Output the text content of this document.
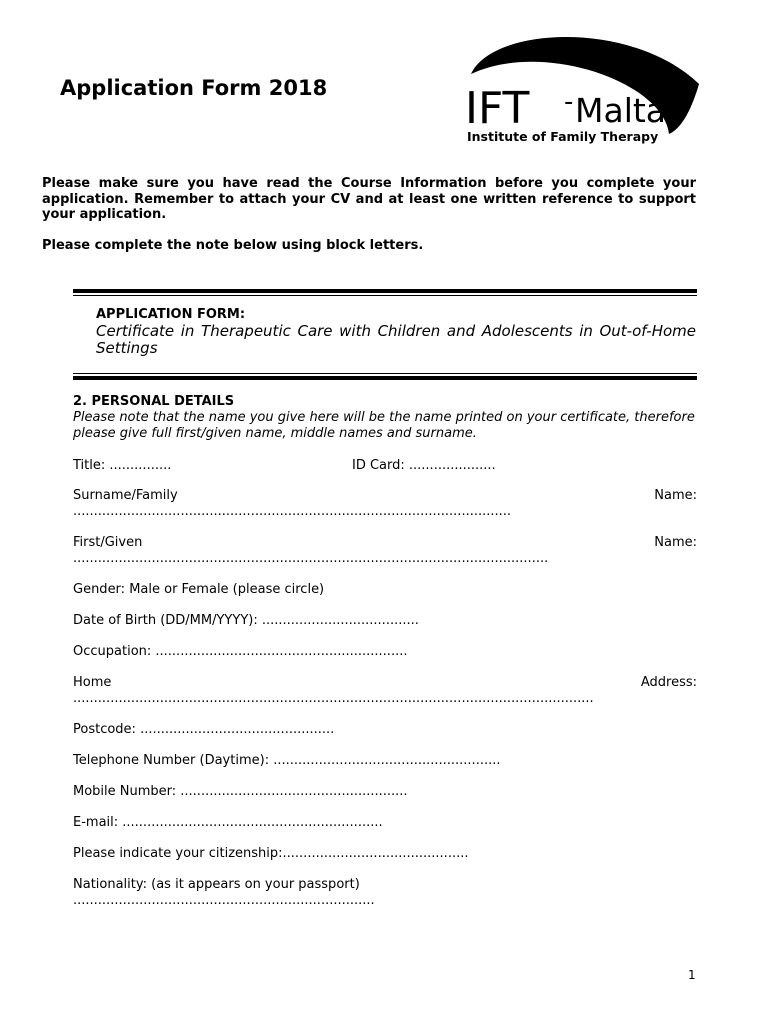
Application Form 2018	IFT - Malta
Institute of Family Therapy
Please make sure you have read the Course Information before you complete your application. Remember to attach your CV and at least one written reference to support your application.
Please complete the note below using block letters.
APPLICATION FORM:
Certificate in Therapeutic Care with Children and Adolescents in Out-of-Home Settings
2. PERSONAL DETAILS
Please note that the name you give here will be the name printed on your certificate, therefore please give full first/given name, middle names and surname.
Title: ...............	ID Card: .....................
Surname/Family	Name:
..........................................................................................................
First/Given	Name:
...................................................................................................................
Gender: Male or Female (please circle)
Date of Birth (DD/MM/YYYY): ......................................
Occupation: .............................................................
Home	Address:
..............................................................................................................................
Postcode: ...............................................
Telephone Number (Daytime): .......................................................
Mobile Number: .......................................................
E-mail: ...............................................................
Please indicate your citizenship:.............................................
Nationality: (as it appears on your passport)
.........................................................................
1
